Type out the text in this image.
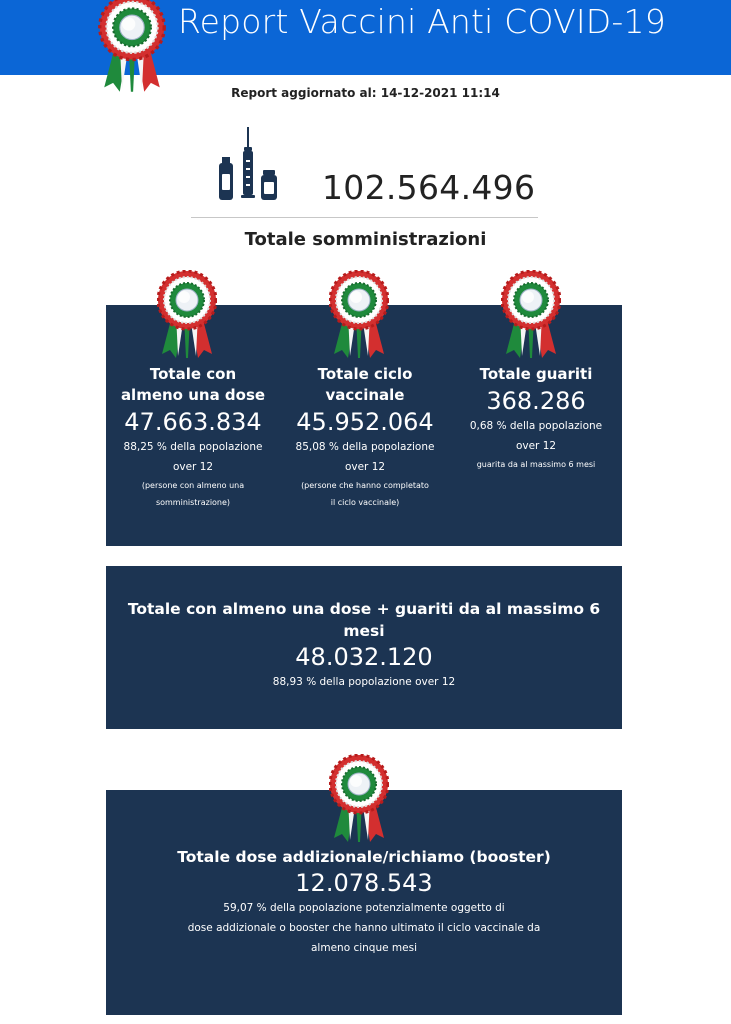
Report Vaccini Anti COVID-19
Report aggiornato al: 14-12-2021 11:14
102.564.496
Totale somministrazioni
Totale con
almeno una dose
47.663.834
88,25 % della popolazione
over 12
(persone con almeno una
somministrazione)
Totale ciclo
vaccinale
45.952.064
85,08 % della popolazione
over 12
(persone che hanno completato
il ciclo vaccinale)
Totale guariti
368.286
0,68 % della popolazione
over 12
guarita da al massimo 6 mesi
Totale con almeno una dose + guariti da al massimo 6 mesi
48.032.120
88,93 % della popolazione over 12
Totale dose addizionale/richiamo (booster)
12.078.543
59,07 % della popolazione potenzialmente oggetto di
dose addizionale o booster che hanno ultimato il ciclo vaccinale da
almeno cinque mesi
